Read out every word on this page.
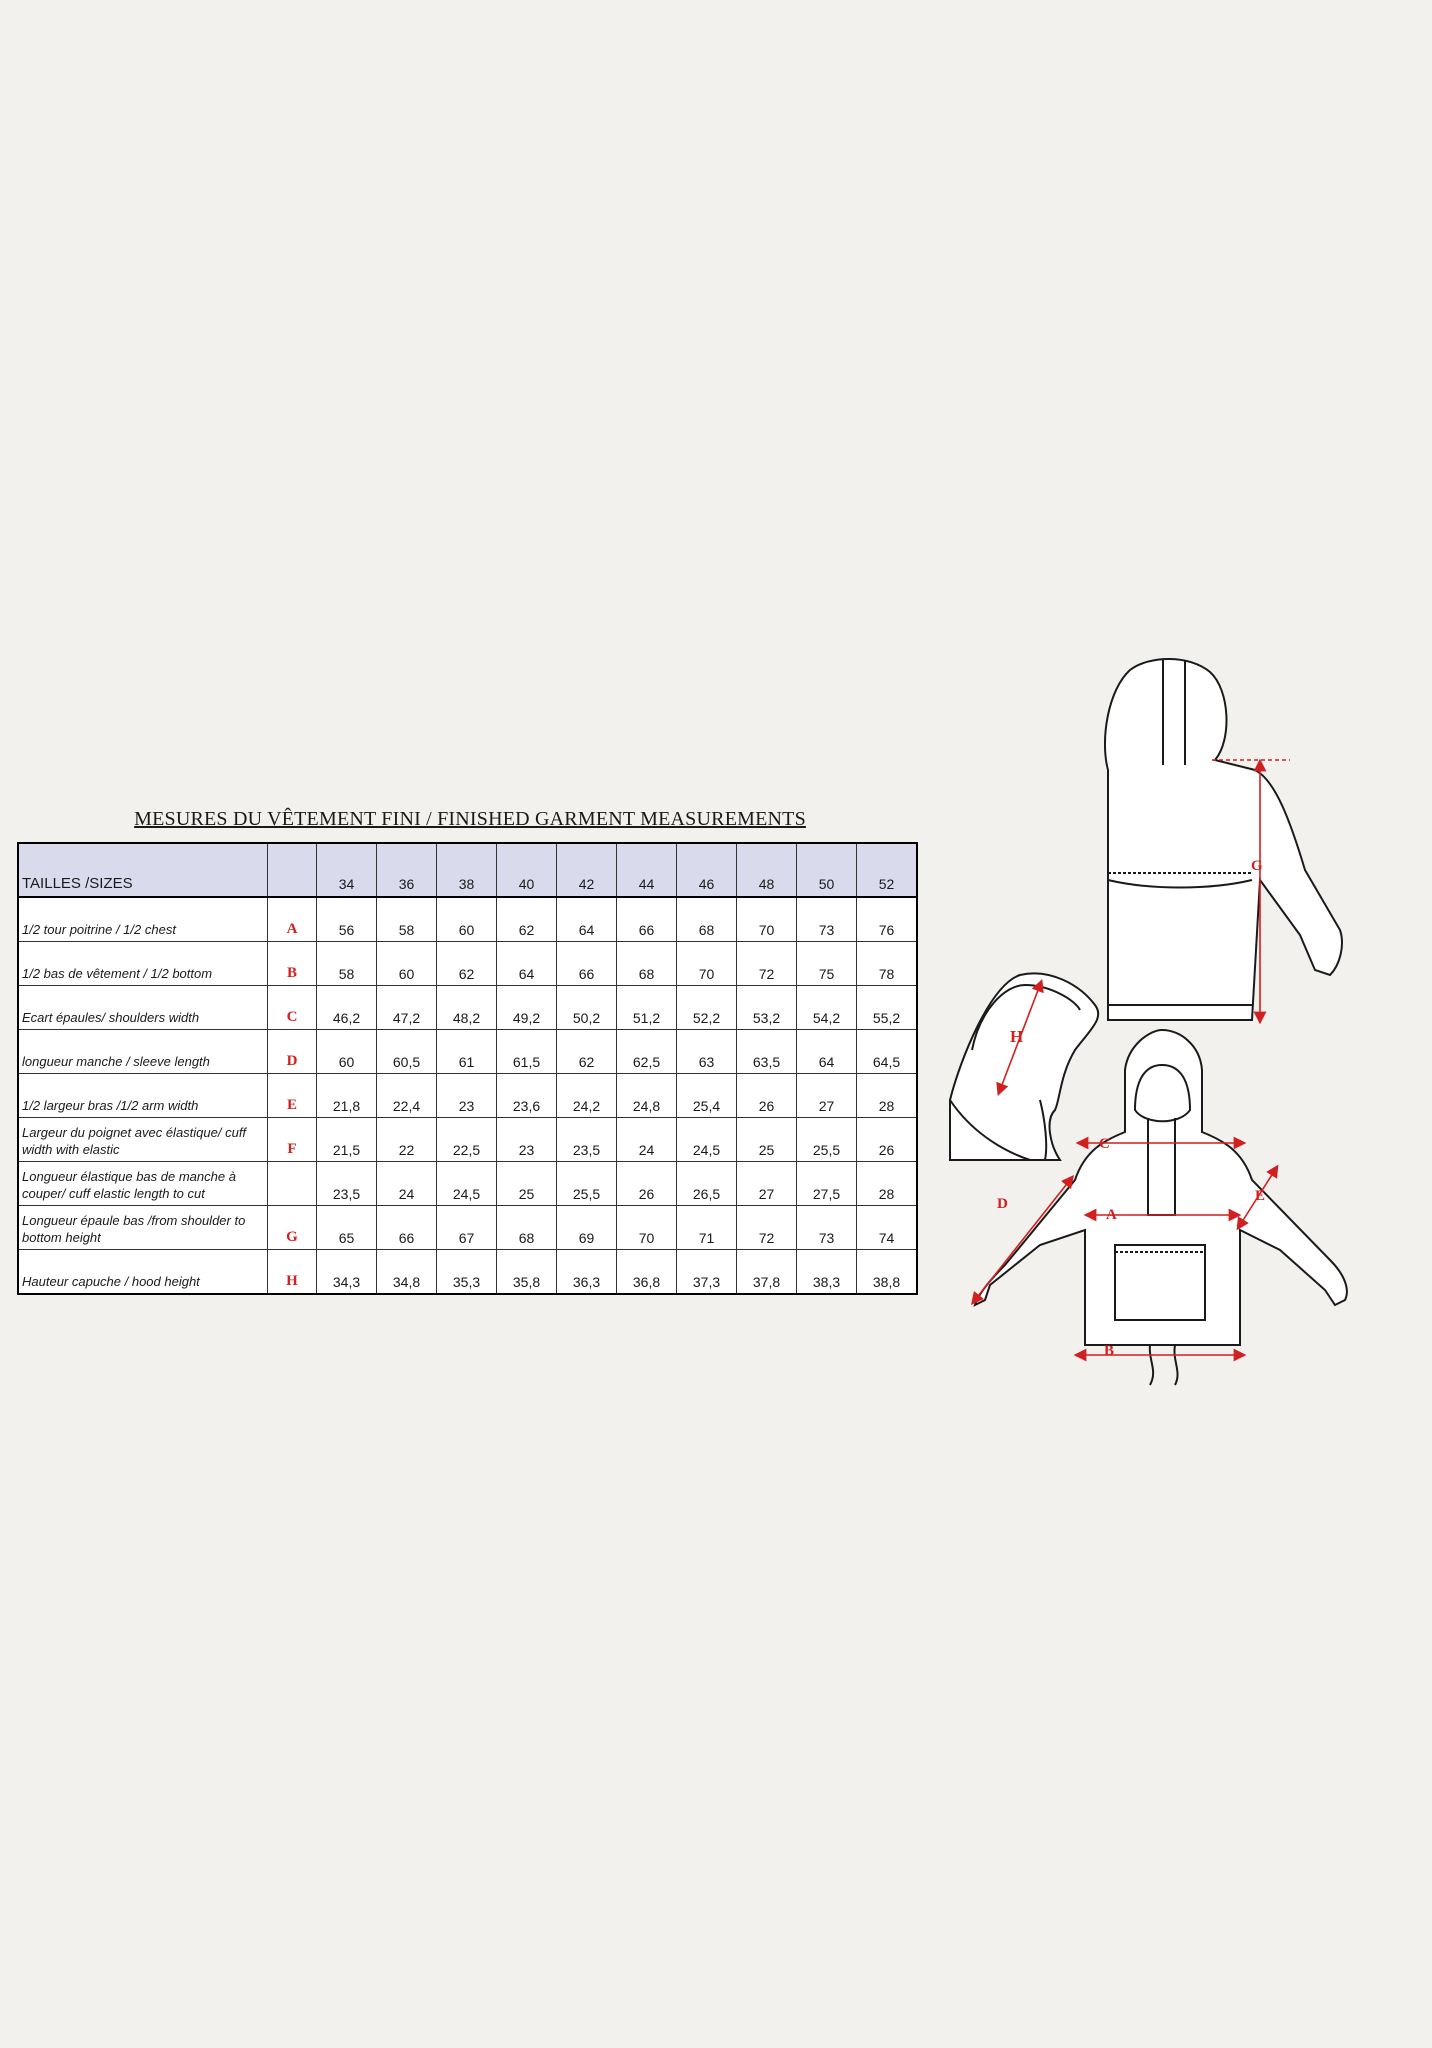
MESURES DU VÊTEMENT FINI / FINISHED GARMENT MEASUREMENTS
TAILLES /SIZES		34	36	38	40	42	44	46	48	50	52
1/2 tour poitrine / 1/2 chest	A	56	58	60	62	64	66	68	70	73	76
1/2 bas de vêtement / 1/2 bottom	B	58	60	62	64	66	68	70	72	75	78
Ecart épaules/ shoulders width	C	46,2	47,2	48,2	49,2	50,2	51,2	52,2	53,2	54,2	55,2
longueur manche / sleeve length	D	60	60,5	61	61,5	62	62,5	63	63,5	64	64,5
1/2 largeur bras /1/2 arm width	E	21,8	22,4	23	23,6	24,2	24,8	25,4	26	27	28
Largeur du poignet avec élastique/ cuff width with elastic	F	21,5	22	22,5	23	23,5	24	24,5	25	25,5	26
Longueur élastique bas de manche à couper/ cuff elastic length to cut		23,5	24	24,5	25	25,5	26	26,5	27	27,5	28
Longueur épaule bas /from shoulder to bottom height	G	65	66	67	68	69	70	71	72	73	74
Hauteur capuche / hood height	H	34,3	34,8	35,3	35,8	36,3	36,8	37,3	37,8	38,3	38,8
G
H
C
A
D	E
B
